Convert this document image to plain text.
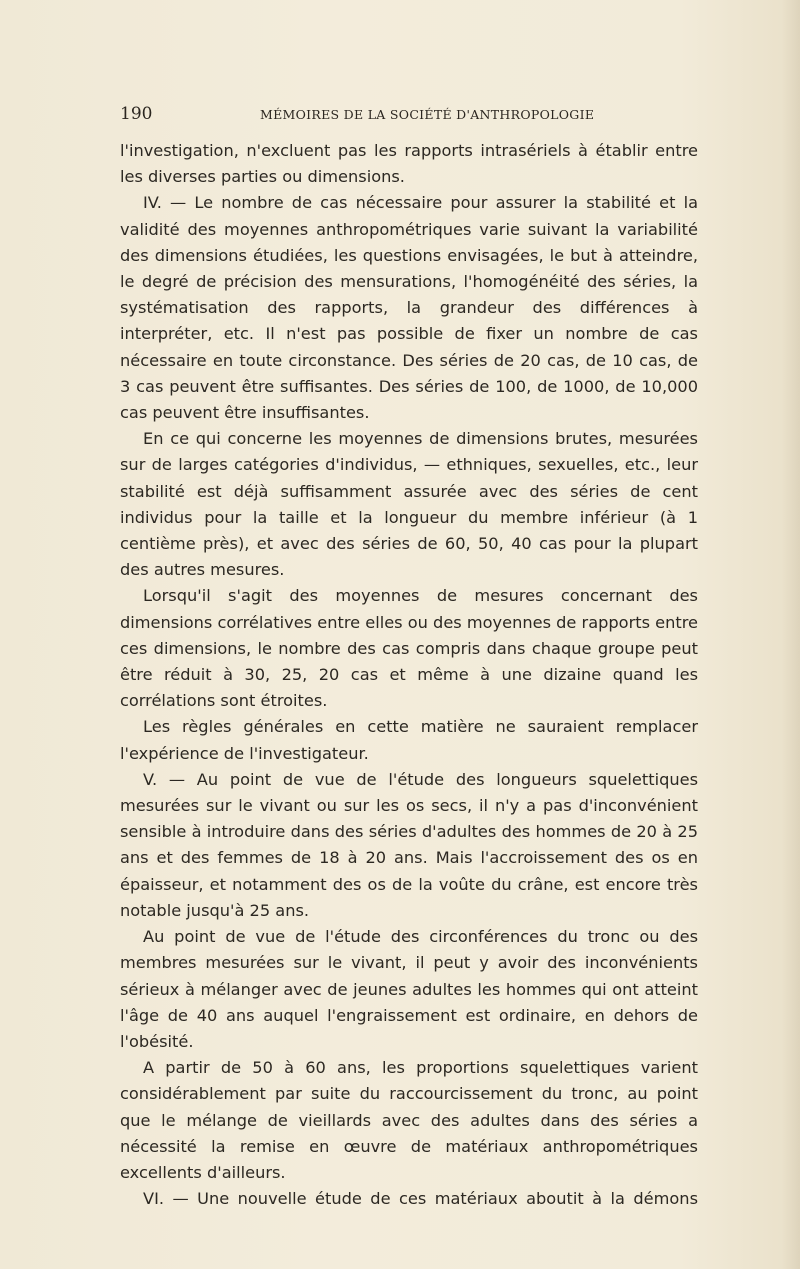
190	MÉMOIRES DE LA SOCIÉTÉ D'ANTHROPOLOGIE

l'investigation, n'excluent pas les rapports intrasériels à établir entre les diverses parties ou dimensions.

IV. — Le nombre de cas nécessaire pour assurer la stabilité et la validité des moyennes anthropométriques varie suivant la variabilité des dimensions étudiées, les questions envisagées, le but à atteindre, le degré de précision des mensurations, l'homogénéité des séries, la systématisation des rapports, la grandeur des différences à interpréter, etc. Il n'est pas possible de fixer un nombre de cas nécessaire en toute circonstance. Des séries de 20 cas, de 10 cas, de 3 cas peuvent être suffisantes. Des séries de 100, de 1000, de 10,000 cas peuvent être insuffisantes.

En ce qui concerne les moyennes de dimensions brutes, mesurées sur de larges catégories d'individus, — ethniques, sexuelles, etc., leur stabilité est déjà suffisamment assurée avec des séries de cent individus pour la taille et la longueur du membre inférieur (à 1 centième près), et avec des séries de 60, 50, 40 cas pour la plupart des autres mesures.

Lorsqu'il s'agit des moyennes de mesures concernant des dimensions corrélatives entre elles ou des moyennes de rapports entre ces dimensions, le nombre des cas compris dans chaque groupe peut être réduit à 30, 25, 20 cas et même à une dizaine quand les corrélations sont étroites.

Les règles générales en cette matière ne sauraient remplacer l'expérience de l'investigateur.

V. — Au point de vue de l'étude des longueurs squelettiques mesurées sur le vivant ou sur les os secs, il n'y a pas d'inconvénient sensible à introduire dans des séries d'adultes des hommes de 20 à 25 ans et des femmes de 18 à 20 ans. Mais l'accroissement des os en épaisseur, et notamment des os de la voûte du crâne, est encore très notable jusqu'à 25 ans.

Au point de vue de l'étude des circonférences du tronc ou des membres mesurées sur le vivant, il peut y avoir des inconvénients sérieux à mélanger avec de jeunes adultes les hommes qui ont atteint l'âge de 40 ans auquel l'engraissement est ordinaire, en dehors de l'obésité.

A partir de 50 à 60 ans, les proportions squelettiques varient considérablement par suite du raccourcissement du tronc, au point que le mélange de vieillards avec des adultes dans des séries a nécessité la remise en œuvre de matériaux anthropométriques excellents d'ailleurs.

VI. — Une nouvelle étude de ces matériaux aboutit à la démons
